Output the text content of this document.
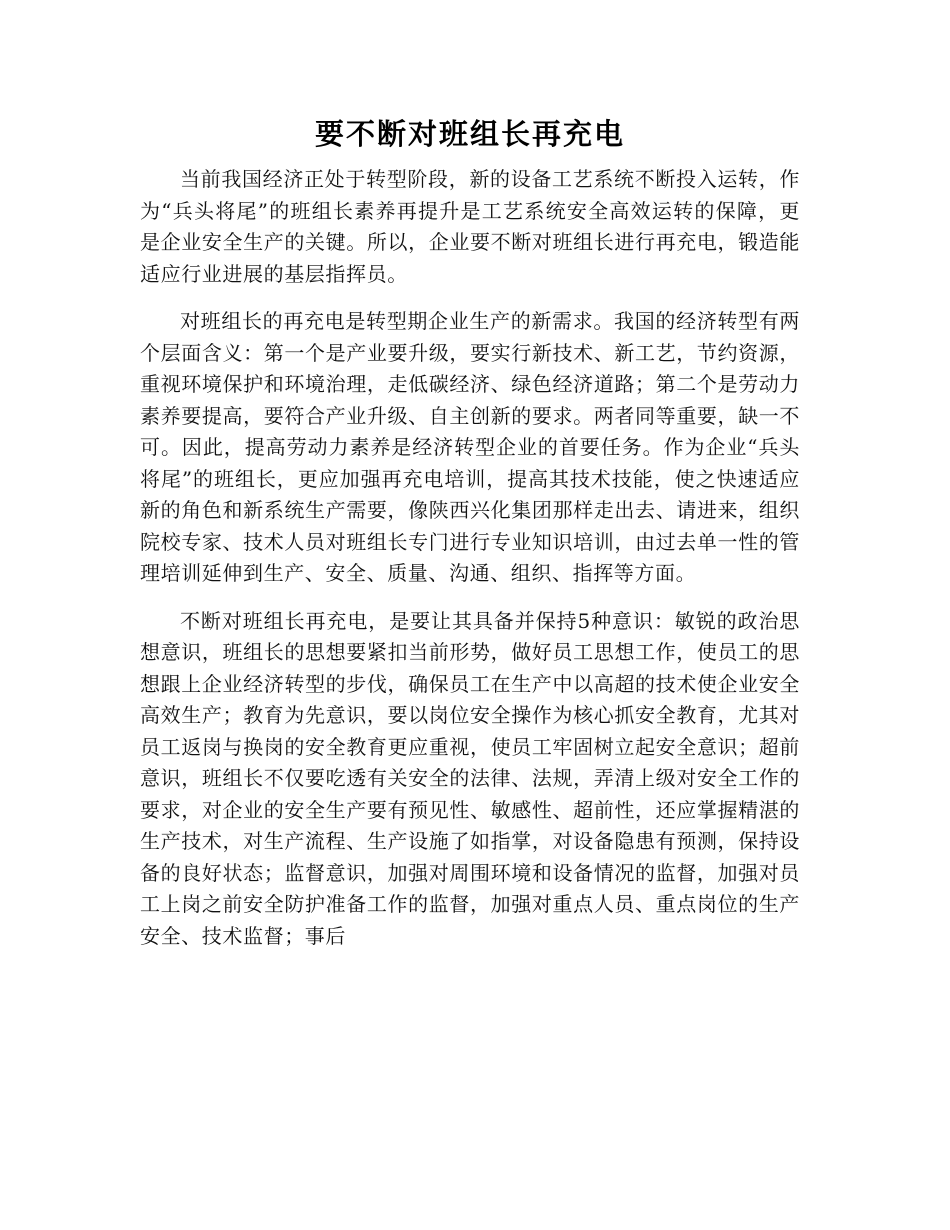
要不断对班组长再充电

当前我国经济正处于转型阶段，新的设备工艺系统不断投入运转，作为“兵头将尾”的班组长素养再提升是工艺系统安全高效运转的保障，更是企业安全生产的关键。所以，企业要不断对班组长进行再充电，锻造能适应行业进展的基层指挥员。

对班组长的再充电是转型期企业生产的新需求。我国的经济转型有两个层面含义：第一个是产业要升级，要实行新技术、新工艺，节约资源，重视环境保护和环境治理，走低碳经济、绿色经济道路；第二个是劳动力素养要提高，要符合产业升级、自主创新的要求。两者同等重要，缺一不可。因此，提高劳动力素养是经济转型企业的首要任务。作为企业“兵头将尾”的班组长，更应加强再充电培训，提高其技术技能，使之快速适应新的角色和新系统生产需要，像陕西兴化集团那样走出去、请进来，组织院校专家、技术人员对班组长专门进行专业知识培训，由过去单一性的管理培训延伸到生产、安全、质量、沟通、组织、指挥等方面。

不断对班组长再充电，是要让其具备并保持5种意识：敏锐的政治思想意识，班组长的思想要紧扣当前形势，做好员工思想工作，使员工的思想跟上企业经济转型的步伐，确保员工在生产中以高超的技术使企业安全高效生产；教育为先意识，要以岗位安全操作为核心抓安全教育，尤其对员工返岗与换岗的安全教育更应重视，使员工牢固树立起安全意识；超前意识，班组长不仅要吃透有关安全的法律、法规，弄清上级对安全工作的要求，对企业的安全生产要有预见性、敏感性、超前性，还应掌握精湛的生产技术，对生产流程、生产设施了如指掌，对设备隐患有预测，保持设备的良好状态；监督意识，加强对周围环境和设备情况的监督，加强对员工上岗之前安全防护准备工作的监督，加强对重点人员、重点岗位的生产安全、技术监督；事后
